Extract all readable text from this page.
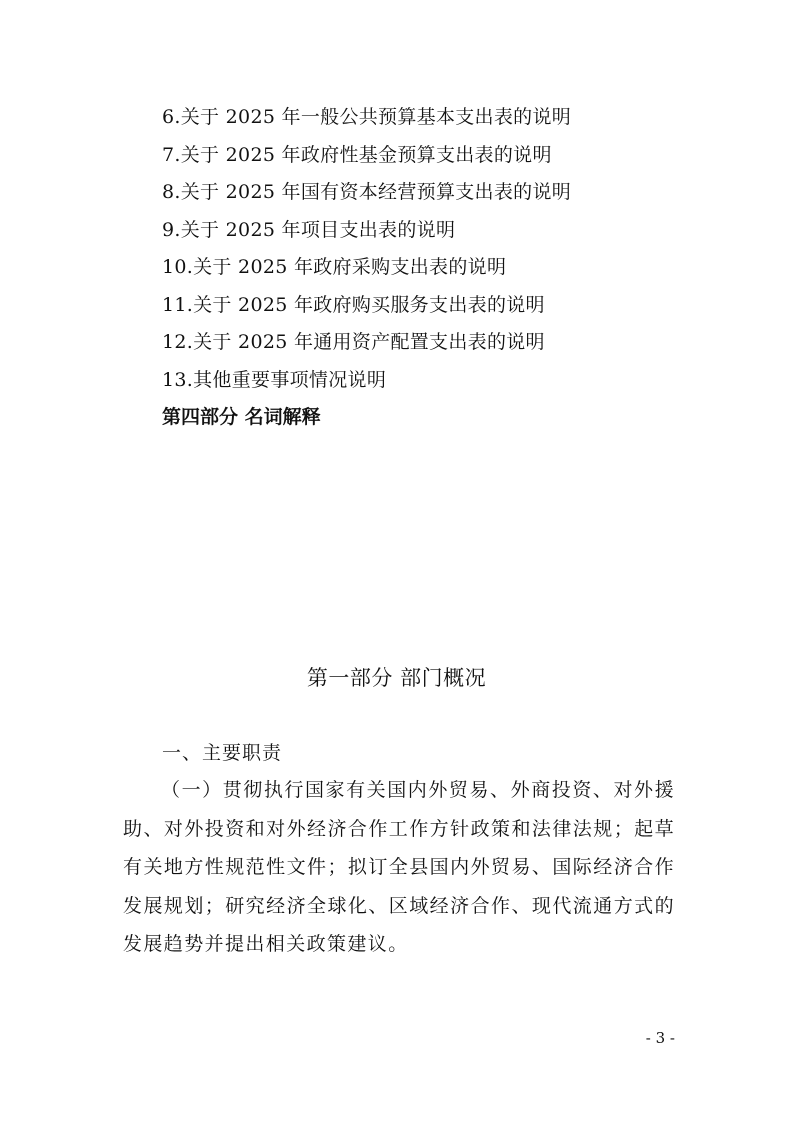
6.关于 2025 年一般公共预算基本支出表的说明
7.关于 2025 年政府性基金预算支出表的说明
8.关于 2025 年国有资本经营预算支出表的说明
9.关于 2025 年项目支出表的说明
10.关于 2025 年政府采购支出表的说明
11.关于 2025 年政府购买服务支出表的说明
12.关于 2025 年通用资产配置支出表的说明
13.其他重要事项情况说明
第四部分 名词解释
第一部分 部门概况
一、主要职责
（一）贯彻执行国家有关国内外贸易、外商投资、对外援助、对外投资和对外经济合作工作方针政策和法律法规；起草有关地方性规范性文件；拟订全县国内外贸易、国际经济合作发展规划；研究经济全球化、区域经济合作、现代流通方式的发展趋势并提出相关政策建议。
- 3 -
